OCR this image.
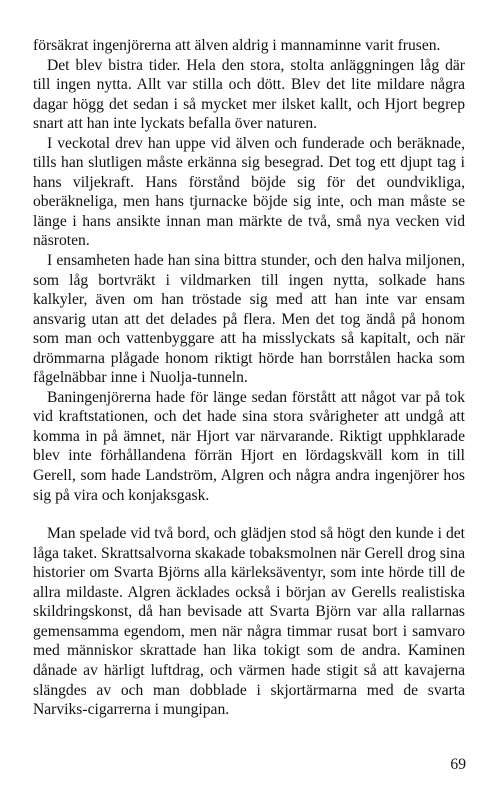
försäkrat ingenjörerna att älven aldrig i mannaminne varit frusen.

Det blev bistra tider. Hela den stora, stolta anläggningen låg där till ingen nytta. Allt var stilla och dött. Blev det lite mildare några dagar högg det sedan i så mycket mer ilsket kallt, och Hjort begrep snart att han inte lyckats befalla över naturen.

I veckotal drev han uppe vid älven och funderade och beräknade, tills han slutligen måste erkänna sig besegrad. Det tog ett djupt tag i hans viljekraft. Hans förstånd böjde sig för det oundvikliga, oberäkneliga, men hans tjurnacke böjde sig inte, och man måste se länge i hans ansikte innan man märkte de två, små nya vecken vid näsroten.

I ensamheten hade han sina bittra stunder, och den halva miljonen, som låg bortvräkt i vildmarken till ingen nytta, solkade hans kalkyler, även om han tröstade sig med att han inte var ensam ansvarig utan att det delades på flera. Men det tog ändå på honom som man och vattenbyggare att ha misslyckats så kapitalt, och när drömmarna plågade honom riktigt hörde han borrstålen hacka som fågelnäbbar inne i Nuolja-tunneln.

Baningenjörerna hade för länge sedan förstått att något var på tok vid kraftstationen, och det hade sina stora svårigheter att undgå att komma in på ämnet, när Hjort var närvarande. Riktigt upphklarade blev inte förhållandena förrän Hjort en lördagskväll kom in till Gerell, som hade Landström, Algren och några andra ingenjörer hos sig på vira och konjaksgask.

Man spelade vid två bord, och glädjen stod så högt den kunde i det låga taket. Skrattsalvorna skakade tobaksmolnen när Gerell drog sina historier om Svarta Björns alla kärleksäventyr, som inte hörde till de allra mildaste. Algren äcklades också i början av Gerells realistiska skildringskonst, då han bevisade att Svarta Björn var alla rallarnas gemensamma egendom, men när några timmar rusat bort i samvaro med människor skrattade han lika tokigt som de andra. Kaminen dånade av härligt luftdrag, och värmen hade stigit så att kavajerna slängdes av och man dobblade i skjortärmarna med de svarta Narviks-cigarrerna i mungipan.

69
